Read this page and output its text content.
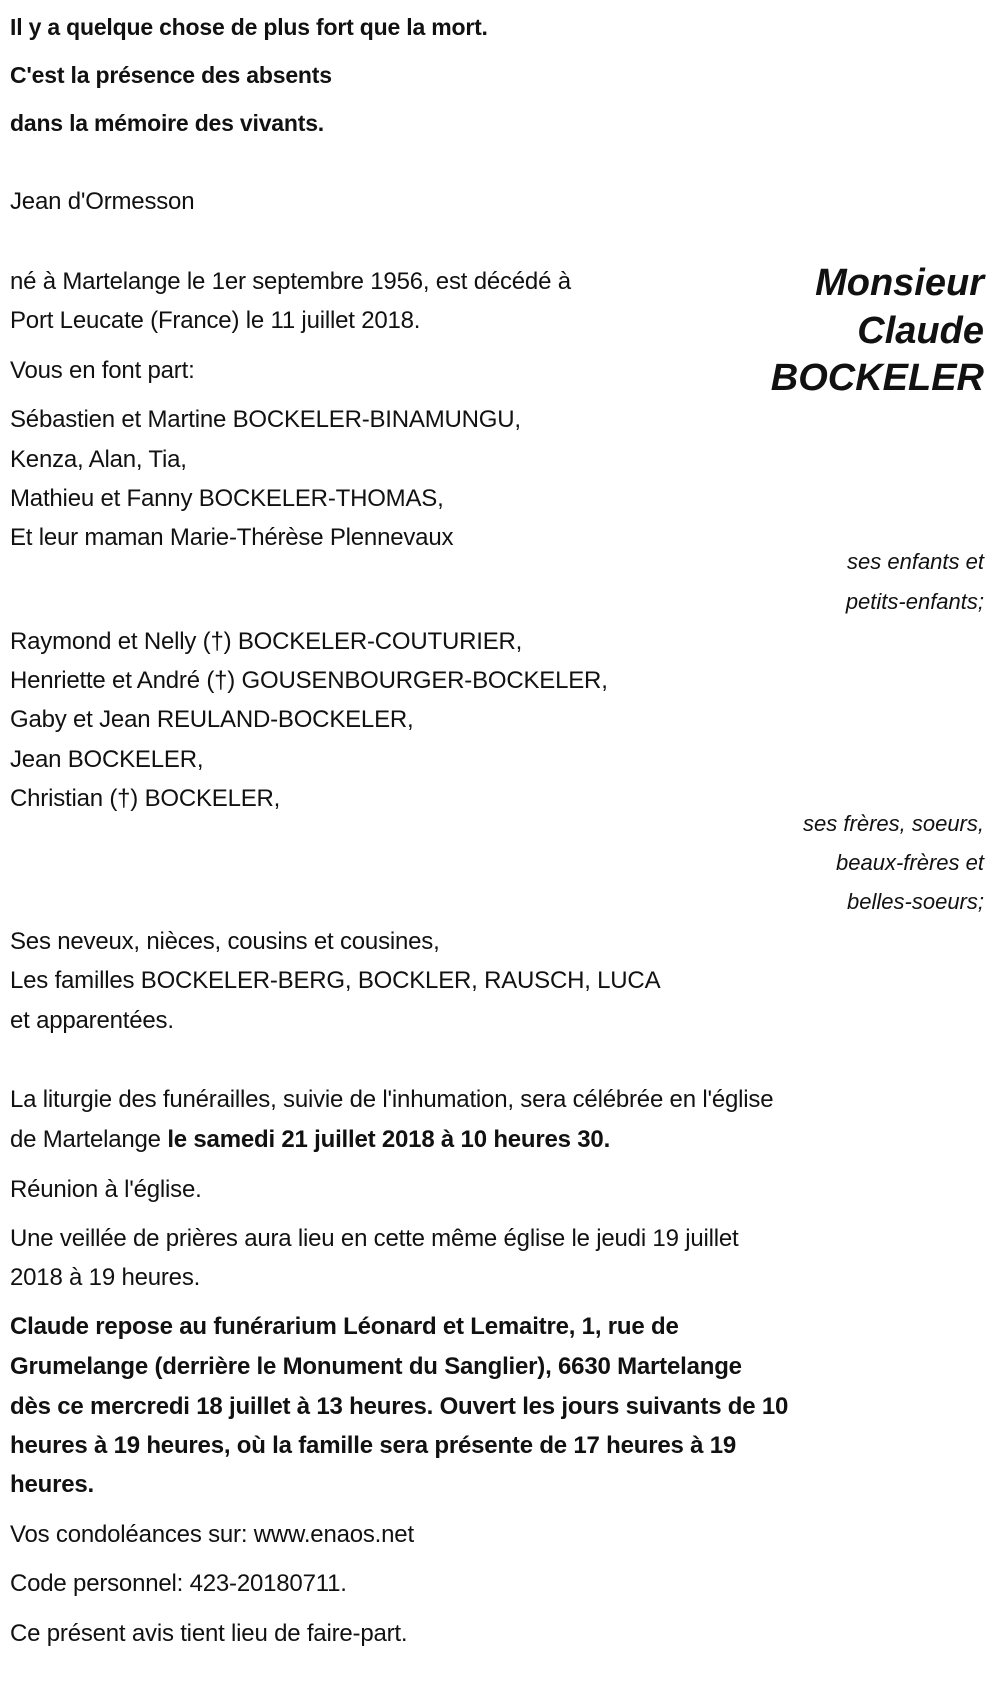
Il y a quelque chose de plus fort que la mort.
C'est la présence des absents
dans la mémoire des vivants.
Jean d'Ormesson
né à Martelange le 1er septembre 1956, est décédé à
Port Leucate (France) le 11 juillet 2018.
Vous en font part:
Monsieur
Claude
BOCKELER
Sébastien et Martine BOCKELER-BINAMUNGU,
Kenza, Alan, Tia,
Mathieu et Fanny BOCKELER-THOMAS,
Et leur maman Marie-Thérèse Plennevaux
ses enfants et
petits-enfants;
Raymond et Nelly (†) BOCKELER-COUTURIER,
Henriette et André (†) GOUSENBOURGER-BOCKELER,
Gaby et Jean REULAND-BOCKELER,
Jean BOCKELER,
Christian (†) BOCKELER,
ses frères, soeurs,
beaux-frères et
belles-soeurs;
Ses neveux, nièces, cousins et cousines,
Les familles BOCKELER-BERG, BOCKLER, RAUSCH, LUCA
et apparentées.
La liturgie des funérailles, suivie de l'inhumation, sera célébrée en l'église
de Martelange le samedi 21 juillet 2018 à 10 heures 30.
Réunion à l'église.
Une veillée de prières aura lieu en cette même église le jeudi 19 juillet
2018 à 19 heures.
Claude repose au funérarium Léonard et Lemaitre, 1, rue de
Grumelange (derrière le Monument du Sanglier), 6630 Martelange
dès ce mercredi 18 juillet à 13 heures. Ouvert les jours suivants de 10
heures à 19 heures, où la famille sera présente de 17 heures à 19
heures.
Vos condoléances sur: www.enaos.net
Code personnel: 423-20180711.
Ce présent avis tient lieu de faire-part.
